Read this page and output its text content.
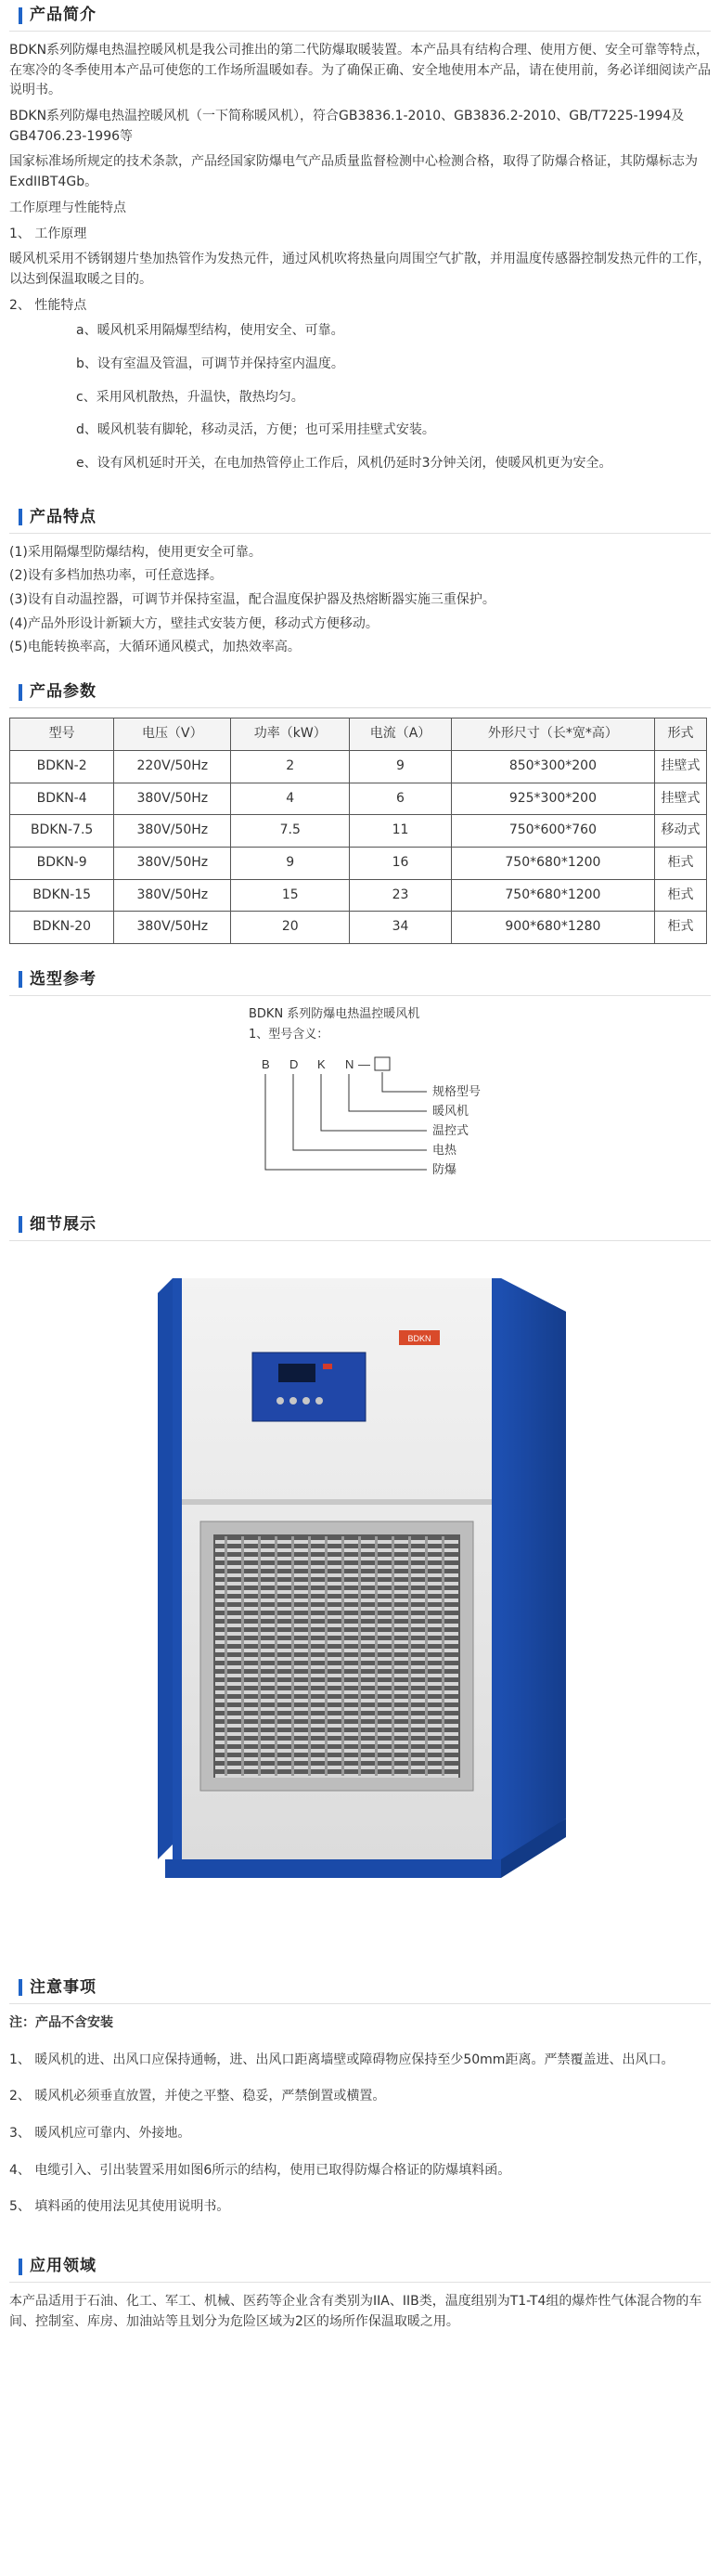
产品简介

BDKN系列防爆电热温控暖风机是我公司推出的第二代防爆取暖装置。本产品具有结构合理、使用方便、安全可靠等特点，在寒冷的冬季使用本产品可使您的工作场所温暖如春。为了确保正确、安全地使用本产品，请在使用前，务必详细阅读产品说明书。

BDKN系列防爆电热温控暖风机（一下简称暖风机），符合GB3836.1-2010、GB3836.2-2010、GB/T7225-1994及GB4706.23-1996等

国家标准场所规定的技术条款，产品经国家防爆电气产品质量监督检测中心检测合格，取得了防爆合格证，其防爆标志为ExdIIBT4Gb。

工作原理与性能特点

1、 工作原理

暖风机采用不锈钢翅片垫加热管作为发热元件，通过风机吹将热量向周围空气扩散，并用温度传感器控制发热元件的工作，以达到保温取暖之目的。

2、 性能特点

a、暖风机采用隔爆型结构，使用安全、可靠。

b、设有室温及管温，可调节并保持室内温度。

c、采用风机散热，升温快，散热均匀。

d、暖风机装有脚轮，移动灵活，方便；也可采用挂壁式安装。

e、设有风机延时开关，在电加热管停止工作后，风机仍延时3分钟关闭，使暖风机更为安全。

产品特点

(1)采用隔爆型防爆结构，使用更安全可靠。

(2)设有多档加热功率，可任意选择。

(3)设有自动温控器，可调节并保持室温，配合温度保护器及热熔断器实施三重保护。

(4)产品外形设计新颖大方，壁挂式安装方便，移动式方便移动。

(5)电能转换率高，大循环通风模式，加热效率高。

产品参数
型号	电压（V）	功率（kW）	电流（A）	外形尺寸（长*宽*高）	形式
BDKN-2	220V/50Hz	2	9	850*300*200	挂壁式
BDKN-4	380V/50Hz	4	6	925*300*200	挂壁式
BDKN-7.5	380V/50Hz	7.5	11	750*600*760	移动式
BDKN-9	380V/50Hz	9	16	750*680*1200	柜式
BDKN-15	380V/50Hz	15	23	750*680*1200	柜式
BDKN-20	380V/50Hz	20	34	900*680*1280	柜式
选型参考
BDKN 系列防爆电热温控暖风机
1、型号含义：
B D K N —
规格型号
暖风机
温控式
电热
防爆
细节展示
BDKN
注意事项

注：产品不含安装

1、 暖风机的进、出风口应保持通畅，进、出风口距离墙壁或障碍物应保持至少50mm距离。严禁覆盖进、出风口。

2、 暖风机必须垂直放置，并使之平整、稳妥，严禁倒置或横置。

3、 暖风机应可靠内、外接地。

4、 电缆引入、引出装置采用如图6所示的结构，使用已取得防爆合格证的防爆填料函。

5、 填料函的使用法见其使用说明书。

应用领域

本产品适用于石油、化工、军工、机械、医药等企业含有类别为IIA、IIB类，温度组别为T1-T4组的爆炸性气体混合物的车间、控制室、库房、加油站等且划分为危险区域为2区的场所作保温取暖之用。
